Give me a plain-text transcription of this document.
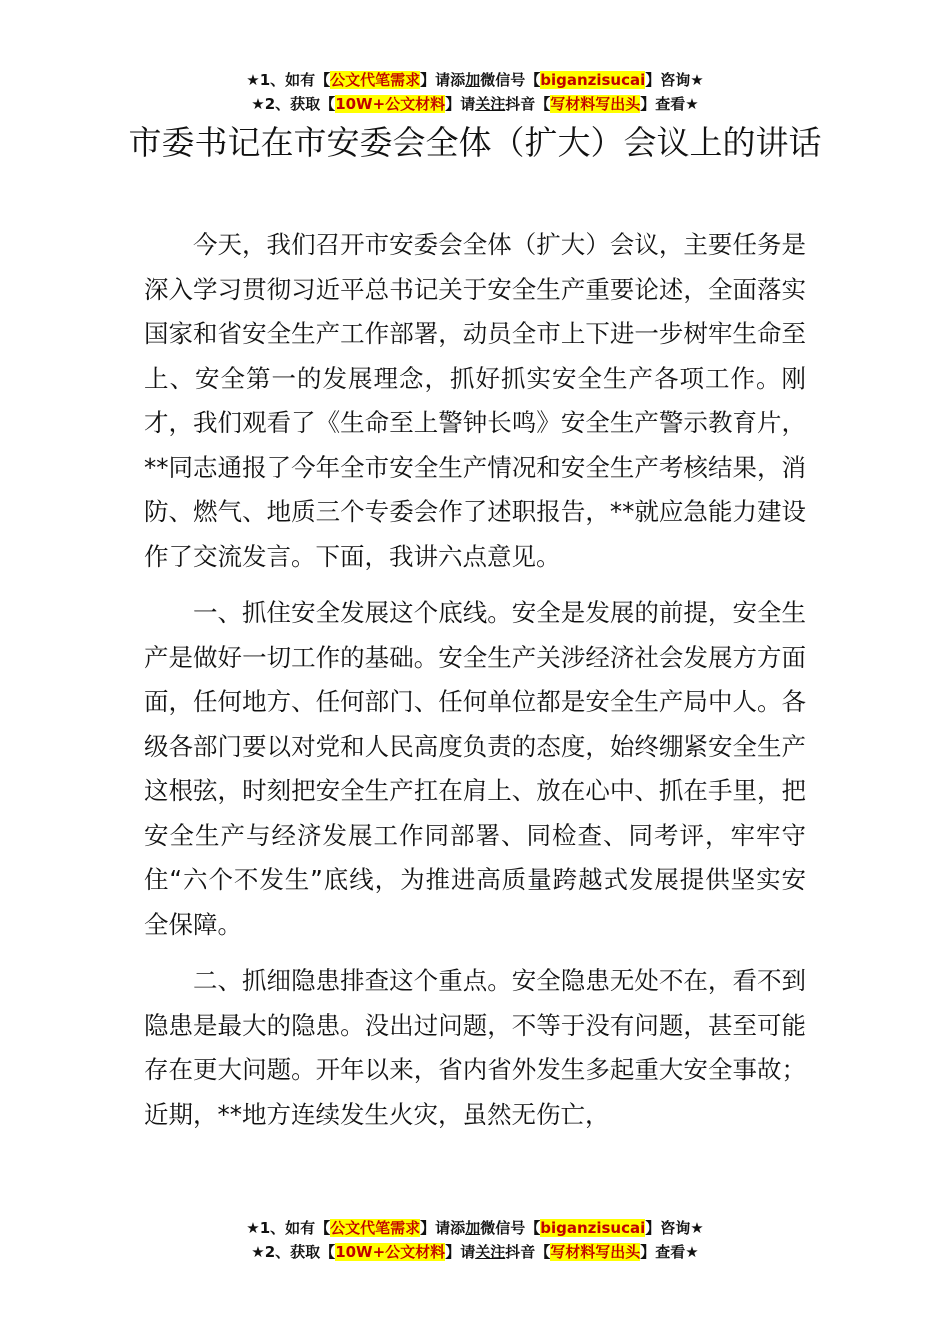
★1、如有【公文代笔需求】请添加微信号【biganzisucai】咨询★
★2、获取【10W+公文材料】请关注抖音【写材料写出头】查看★
市委书记在市安委会全体（扩大）会议上的讲话

今天，我们召开市安委会全体（扩大）会议，主要任务是深入学习贯彻习近平总书记关于安全生产重要论述，全面落实国家和省安全生产工作部署，动员全市上下进一步树牢生命至上、安全第一的发展理念，抓好抓实安全生产各项工作。刚才，我们观看了《生命至上警钟长鸣》安全生产警示教育片，**同志通报了今年全市安全生产情况和安全生产考核结果，消防、燃气、地质三个专委会作了述职报告，**就应急能力建设作了交流发言。下面，我讲六点意见。

一、抓住安全发展这个底线。安全是发展的前提，安全生产是做好一切工作的基础。安全生产关涉经济社会发展方方面面，任何地方、任何部门、任何单位都是安全生产局中人。各级各部门要以对党和人民高度负责的态度，始终绷紧安全生产这根弦，时刻把安全生产扛在肩上、放在心中、抓在手里，把安全生产与经济发展工作同部署、同检查、同考评，牢牢守住“六个不发生”底线，为推进高质量跨越式发展提供坚实安全保障。

二、抓细隐患排查这个重点。安全隐患无处不在，看不到隐患是最大的隐患。没出过问题，不等于没有问题，甚至可能存在更大问题。开年以来，省内省外发生多起重大安全事故；近期，**地方连续发生火灾，虽然无伤亡，

★1、如有【公文代笔需求】请添加微信号【biganzisucai】咨询★
★2、获取【10W+公文材料】请关注抖音【写材料写出头】查看★
